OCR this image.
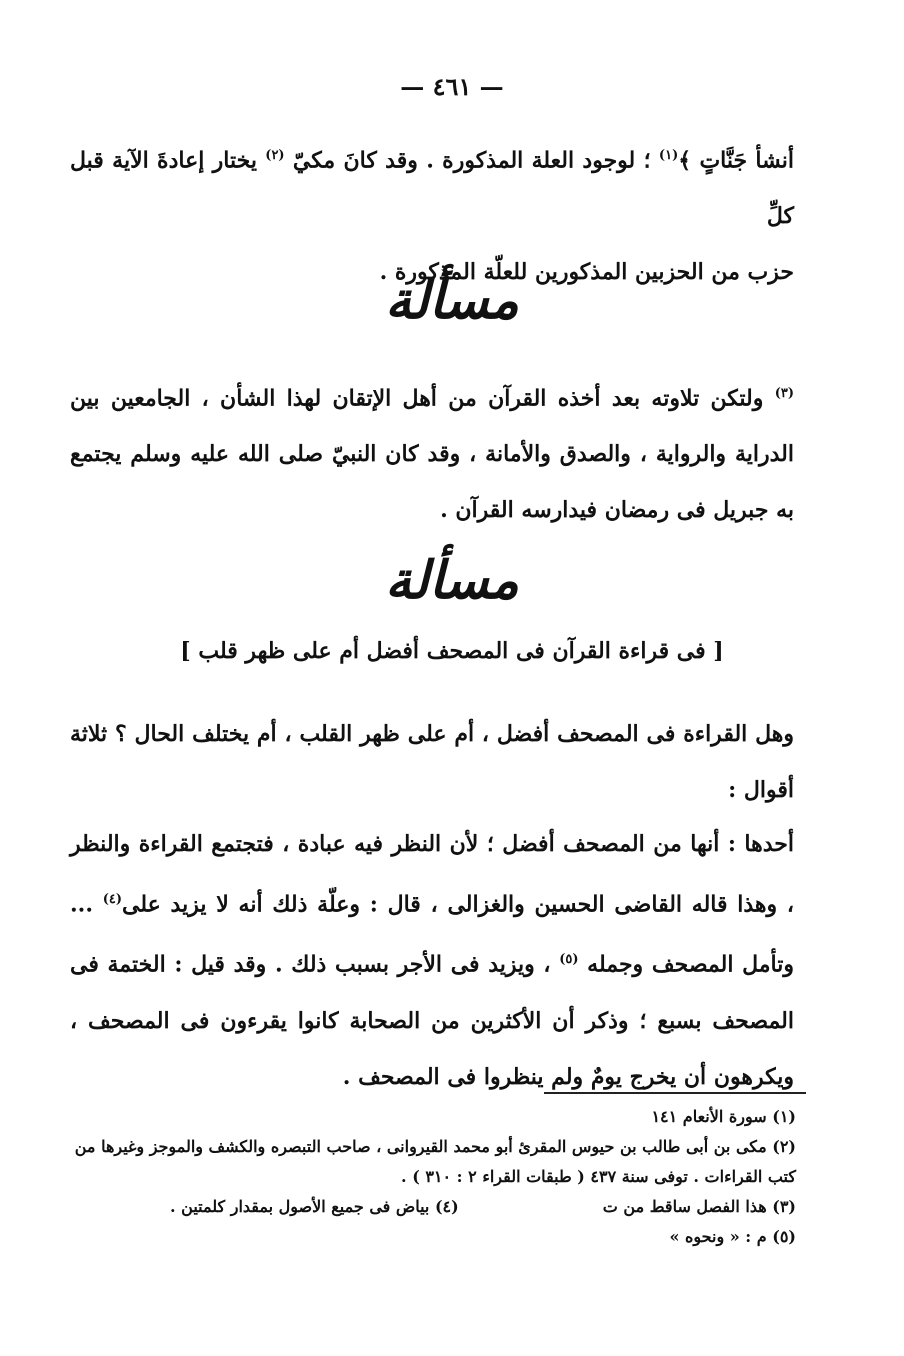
— ٤٦١ —

أنشأ جَنَّاتٍ ﴾$^{(١)}$ ؛ لوجود العلة المذكورة . وقد كانَ مكيّ $^{(٢)}$ يختار إعادةَ الآية قبل كلِّ

حزب من الحزبين المذكورين للعلّة المذكورة .

مسألة

$^{(٣)}$ ولتكن تلاوته بعد أخذه القرآن من أهل الإتقان لهذا الشأن ، الجامعين بين الدراية والرواية ، والصدق والأمانة ، وقد كان النبيّ صلى الله عليه وسلم يجتمع به جبريل فى رمضان فيدارسه القرآن .

مسألة
[ فى قراءة القرآن فى المصحف أفضل أم على ظهر قلب ]

وهل القراءة فى المصحف أفضل ، أم على ظهر القلب ، أم يختلف الحال ؟ ثلاثة أقوال :

أحدها : أنها من المصحف أفضل ؛ لأن النظر فيه عبادة ، فتجتمع القراءة والنظر ، وهذا قاله القاضى الحسين والغزالى ، قال : وعلّة ذلك أنه لا يزيد على$^{(٤)}$ ... وتأمل المصحف وجمله $^{(٥)}$ ، ويزيد فى الأجر بسبب ذلك . وقد قيل : الختمة فى المصحف بسبع ؛ وذكر أن الأكثرين من الصحابة كانوا يقرءون فى المصحف ، ويكرهون أن يخرج يومٌ ولم ينظروا فى المصحف .

(١) سورة الأنعام ١٤١
(٢) مكى بن أبى طالب بن حيوس المقرئ أبو محمد القيروانى ، صاحب التبصره والكشف والموجز وغيرها من كتب القراءات . توفى سنة ٤٣٧ ( طبقات القراء ٢ : ٣١٠ ) .
(٣) هذا الفصل ساقط من ت
(٤) بياض فى جميع الأصول بمقدار كلمتين .
(٥) م : « ونحوه »
